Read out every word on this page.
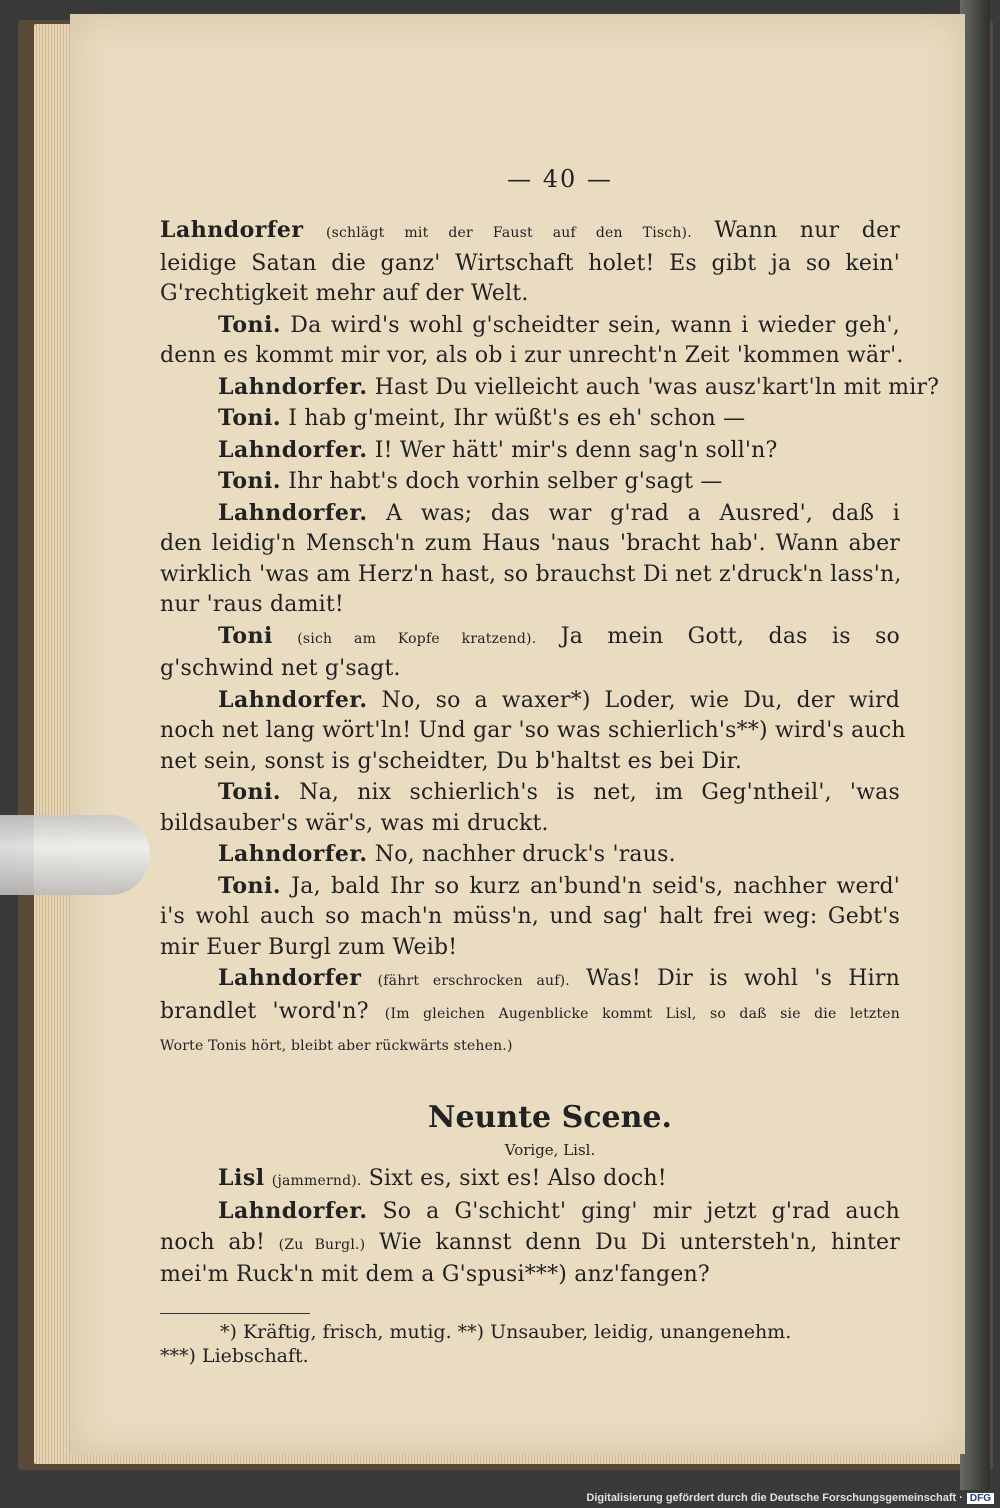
— 40 —
Lahndorfer (schlägt mit der Faust auf den Tisch). Wann nur der
leidige Satan die ganz' Wirtschaft holet! Es gibt ja so kein'
G'rechtigkeit mehr auf der Welt.
Toni. Da wird's wohl g'scheidter sein, wann i wieder geh',
denn es kommt mir vor, als ob i zur unrecht'n Zeit 'kommen wär'.
Lahndorfer. Hast Du vielleicht auch 'was ausz'kart'ln mit mir?
Toni. I hab g'meint, Ihr wüßt's es eh' schon —
Lahndorfer. I! Wer hätt' mir's denn sag'n soll'n?
Toni. Ihr habt's doch vorhin selber g'sagt —
Lahndorfer. A was; das war g'rad a Ausred', daß i
den leidig'n Mensch'n zum Haus 'naus 'bracht hab'. Wann aber
wirklich 'was am Herz'n hast, so brauchst Di net z'druck'n lass'n,
nur 'raus damit!
Toni (sich am Kopfe kratzend). Ja mein Gott, das is so
g'schwind net g'sagt.
Lahndorfer. No, so a waxer*) Loder, wie Du, der wird
noch net lang wört'ln! Und gar 'so was schierlich's**) wird's auch
net sein, sonst is g'scheidter, Du b'haltst es bei Dir.
Toni. Na, nix schierlich's is net, im Geg'ntheil', 'was
bildsauber's wär's, was mi druckt.
Lahndorfer. No, nachher druck's 'raus.
Toni. Ja, bald Ihr so kurz an'bund'n seid's, nachher werd'
i's wohl auch so mach'n müss'n, und sag' halt frei weg: Gebt's
mir Euer Burgl zum Weib!
Lahndorfer (fährt erschrocken auf). Was! Dir is wohl 's Hirn
brandlet 'word'n? (Im gleichen Augenblicke kommt Lisl, so daß sie die letzten
Worte Tonis hört, bleibt aber rückwärts stehen.)
Neunte Scene.
Vorige, Lisl.
Lisl (jammernd). Sixt es, sixt es! Also doch!
Lahndorfer. So a G'schicht' ging' mir jetzt g'rad auch
noch ab! (Zu Burgl.) Wie kannst denn Du Di untersteh'n, hinter
mei'm Ruck'n mit dem a G'spusi***) anz'fangen?
*) Kräftig, frisch, mutig. **) Unsauber, leidig, unangenehm.
***) Liebschaft.
Digitalisierung gefördert durch die Deutsche Forschungsgemeinschaft · DFG
